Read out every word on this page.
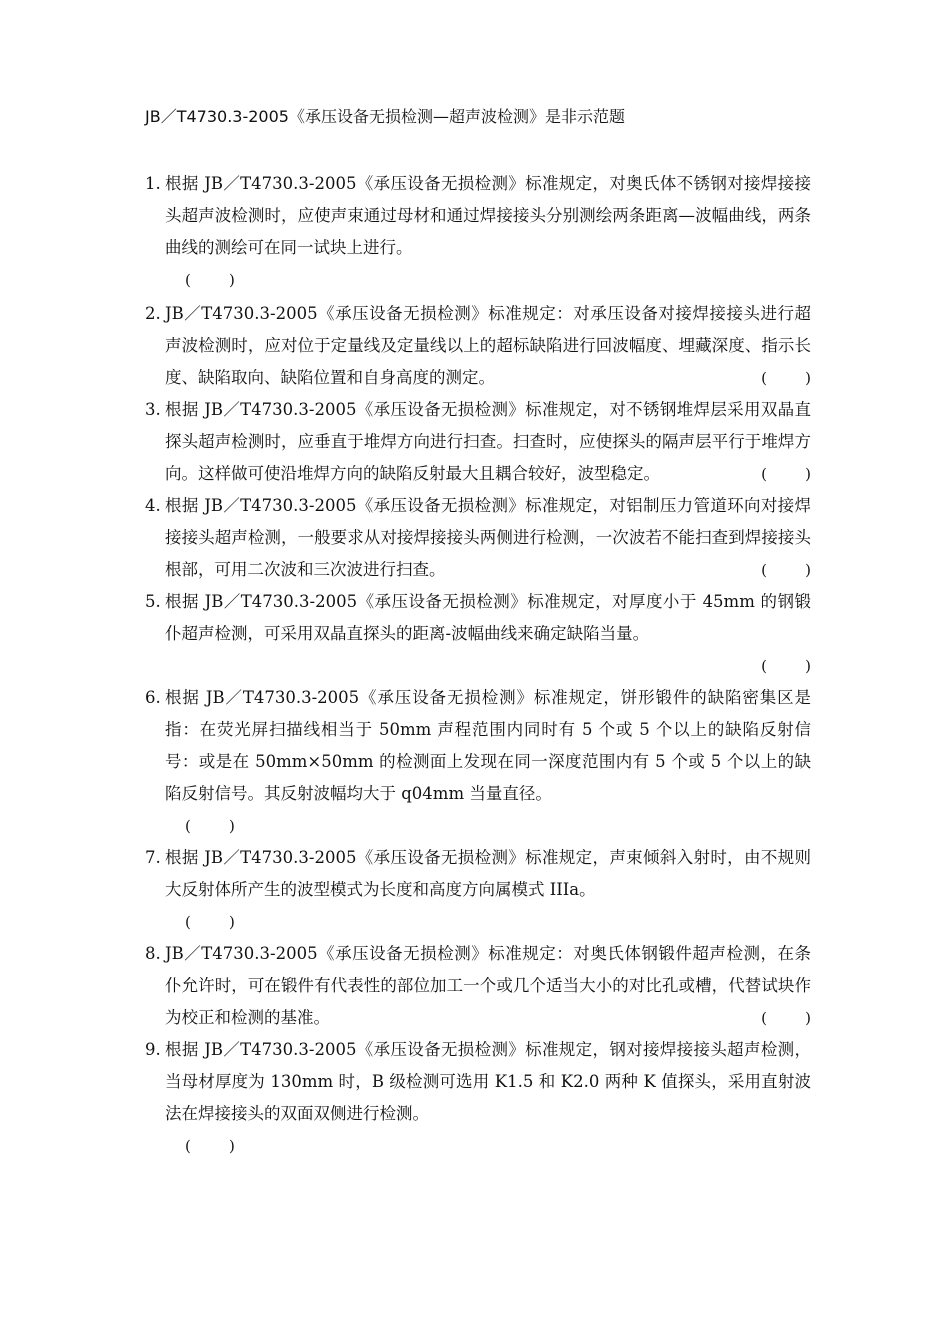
JB／T4730.3-2005《承压设备无损检测—超声波检测》是非示范题
1. 根据 JB／T4730.3-2005《承压设备无损检测》标准规定，对奥氏体不锈钢对接焊接接头超声波检测时，应使声束通过母材和通过焊接接头分别测绘两条距离—波幅曲线，两条曲线的测绘可在同一试块上进行。
(        )
2. JB／T4730.3-2005《承压设备无损检测》标准规定：对承压设备对接焊接接头进行超声波检测时，应对位于定量线及定量线以上的超标缺陷进行回波幅度、埋藏深度、指示长度、缺陷取向、缺陷位置和自身高度的测定。	(        )
3. 根据 JB／T4730.3-2005《承压设备无损检测》标准规定，对不锈钢堆焊层采用双晶直探头超声检测时，应垂直于堆焊方向进行扫查。扫查时，应使探头的隔声层平行于堆焊方向。这样做可使沿堆焊方向的缺陷反射最大且耦合较好，波型稳定。	(        )
4. 根据 JB／T4730.3-2005《承压设备无损检测》标准规定，对铝制压力管道环向对接焊接接头超声检测，一般要求从对接焊接接头两侧进行检测，一次波若不能扫查到焊接接头根部，可用二次波和三次波进行扫查。	(        )
5. 根据 JB／T4730.3-2005《承压设备无损检测》标准规定，对厚度小于 45mm 的钢锻仆超声检测，可采用双晶直探头的距离-波幅曲线来确定缺陷当量。
(        )
6. 根据 JB／T4730.3-2005《承压设备无损检测》标准规定，饼形锻件的缺陷密集区是指：在荧光屏扫描线相当于 50mm 声程范围内同时有 5 个或 5 个以上的缺陷反射信号：或是在 50mm×50mm 的检测面上发现在同一深度范围内有 5 个或 5 个以上的缺陷反射信号。其反射波幅均大于 q04mm 当量直径。
(        )
7. 根据 JB／T4730.3-2005《承压设备无损检测》标准规定，声束倾斜入射时，由不规则大反射体所产生的波型模式为长度和高度方向属模式 IIIa。
(        )
8. JB／T4730.3-2005《承压设备无损检测》标准规定：对奥氏体钢锻件超声检测，在条仆允许时，可在锻件有代表性的部位加工一个或几个适当大小的对比孔或槽，代替试块作为校正和检测的基准。	(        )
9. 根据 JB／T4730.3-2005《承压设备无损检测》标准规定，钢对接焊接接头超声检测，当母材厚度为 130mm 时，B 级检测可选用 K1.5 和 K2.0 两种 K 值探头，采用直射波法在焊接接头的双面双侧进行检测。
(        )
